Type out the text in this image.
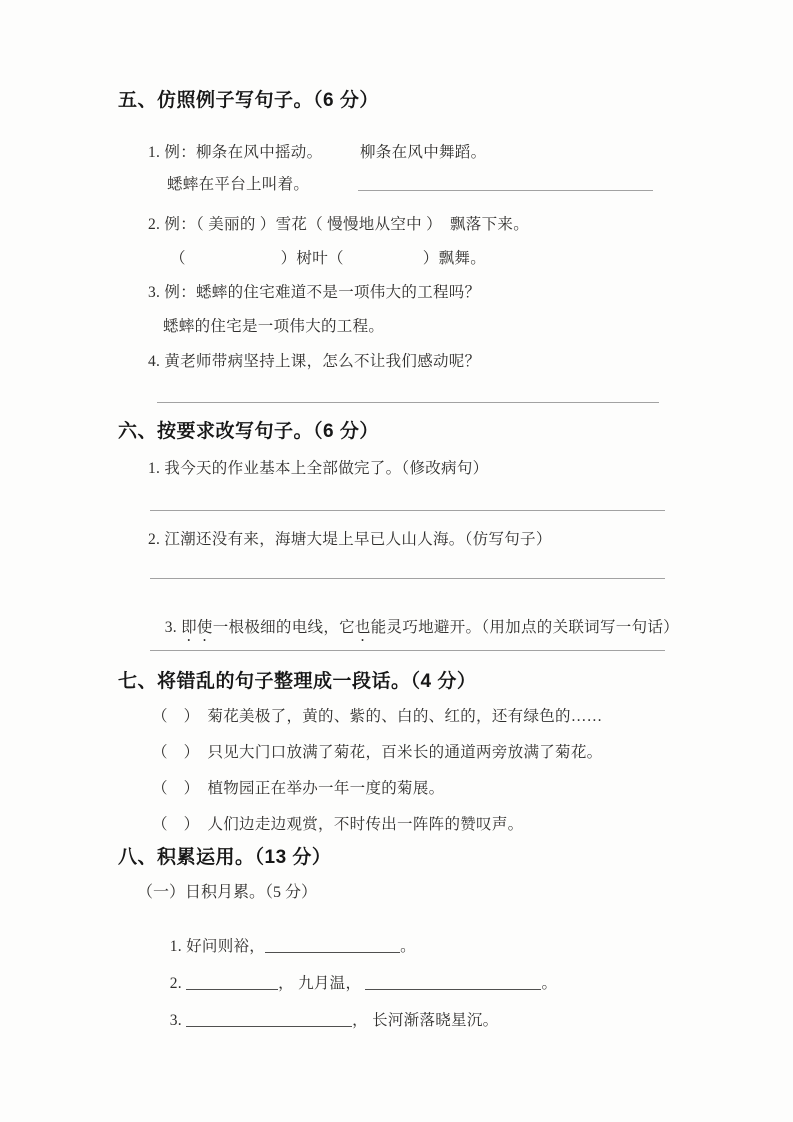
五、仿照例子写句子。（6 分）
1. 例：柳条在风中摇动。 柳条在风中舞蹈。
蟋蟀在平台上叫着。
2. 例：（ 美丽的 ）雪花（ 慢慢地从空中 ）　飘落下来。
（　　　　　　）树叶（　　　　　）飘舞。
3. 例：蟋蟀的住宅难道不是一项伟大的工程吗？
蟋蟀的住宅是一项伟大的工程。
4. 黄老师带病坚持上课，怎么不让我们感动呢？
六、按要求改写句子。（6 分）
1. 我今天的作业基本上全部做完了。（修改病句）
2. 江潮还没有来，海塘大堤上早已人山人海。（仿写句子）

3. 即使一根极细的电线，它也能灵巧地避开。（用加点的关联词写一句话）

七、将错乱的句子整理成一段话。（4 分）
（　）　菊花美极了，黄的、紫的、白的、红的，还有绿色的……
（　）　只见大门口放满了菊花，百米长的通道两旁放满了菊花。
（　）　植物园正在举办一年一度的菊展。
（　）　人们边走边观赏，不时传出一阵阵的赞叹声。
八、积累运用。（13 分）
（一）日积月累。（5 分）

1. 好问则裕，	。

2.	， 九月温，	。

3.	， 长河渐落晓星沉。
